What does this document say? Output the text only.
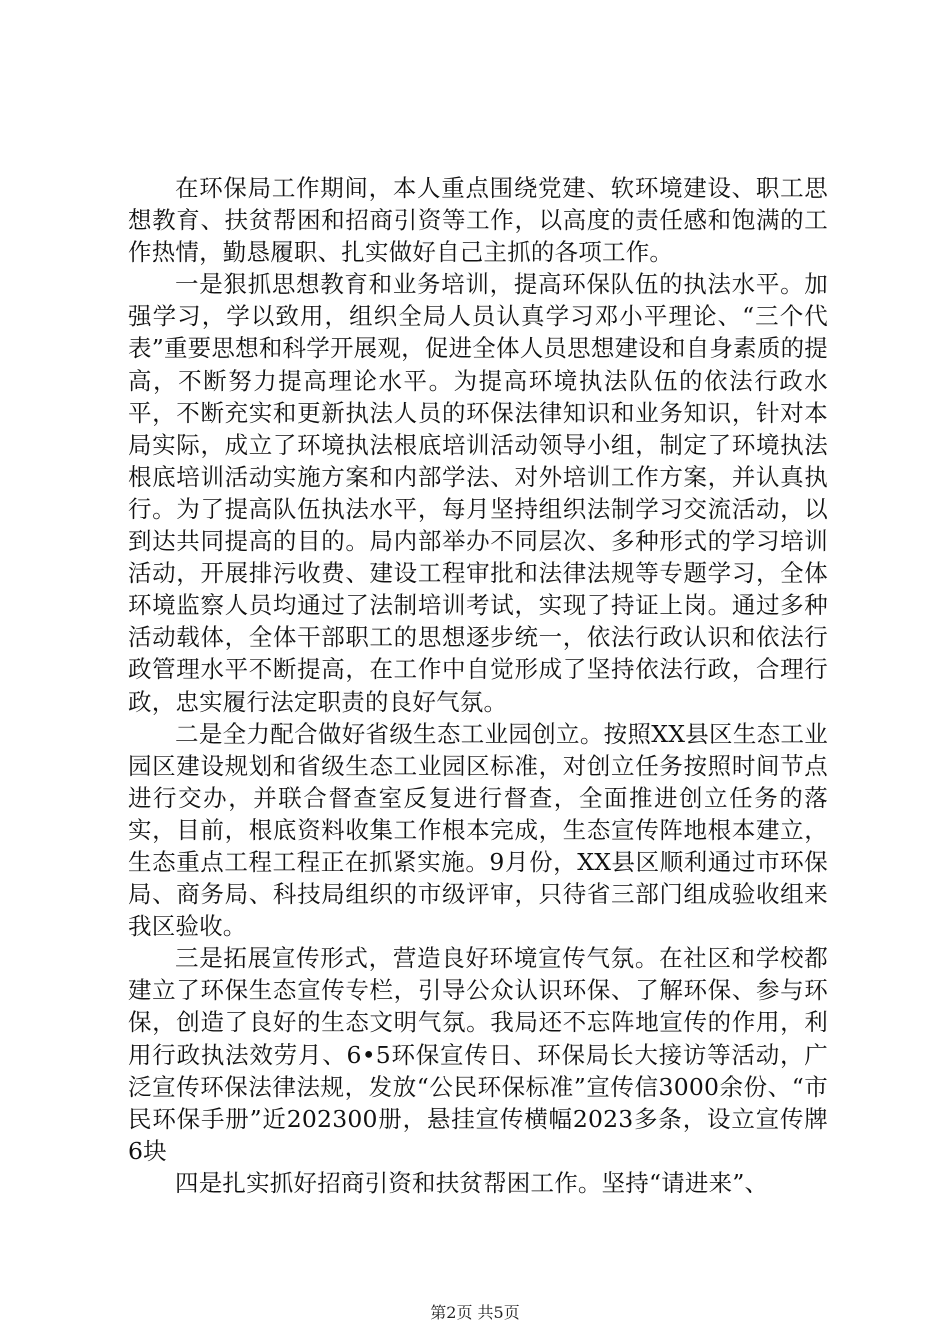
在环保局工作期间，本人重点围绕党建、软环境建设、职工思想教育、扶贫帮困和招商引资等工作，以高度的责任感和饱满的工作热情，勤恳履职、扎实做好自己主抓的各项工作。

一是狠抓思想教育和业务培训，提高环保队伍的执法水平。加强学习，学以致用，组织全局人员认真学习邓小平理论、“三个代表”重要思想和科学开展观，促进全体人员思想建设和自身素质的提高，不断努力提高理论水平。为提高环境执法队伍的依法行政水平，不断充实和更新执法人员的环保法律知识和业务知识，针对本局实际，成立了环境执法根底培训活动领导小组，制定了环境执法根底培训活动实施方案和内部学法、对外培训工作方案，并认真执行。为了提高队伍执法水平，每月坚持组织法制学习交流活动，以到达共同提高的目的。局内部举办不同层次、多种形式的学习培训活动，开展排污收费、建设工程审批和法律法规等专题学习，全体环境监察人员均通过了法制培训考试，实现了持证上岗。通过多种活动载体，全体干部职工的思想逐步统一，依法行政认识和依法行政管理水平不断提高，在工作中自觉形成了坚持依法行政，合理行政，忠实履行法定职责的良好气氛。

二是全力配合做好省级生态工业园创立。按照XX县区生态工业园区建设规划和省级生态工业园区标准，对创立任务按照时间节点进行交办，并联合督查室反复进行督查，全面推进创立任务的落实，目前，根底资料收集工作根本完成，生态宣传阵地根本建立，生态重点工程工程正在抓紧实施。9月份，XX县区顺利通过市环保局、商务局、科技局组织的市级评审，只待省三部门组成验收组来我区验收。

三是拓展宣传形式，营造良好环境宣传气氛。在社区和学校都建立了环保生态宣传专栏，引导公众认识环保、了解环保、参与环保，创造了良好的生态文明气氛。我局还不忘阵地宣传的作用，利用行政执法效劳月、6•5环保宣传日、环保局长大接访等活动，广泛宣传环保法律法规，发放“公民环保标准”宣传信3000余份、“市民环保手册”近202300册，悬挂宣传横幅2023多条，设立宣传牌6块

四是扎实抓好招商引资和扶贫帮困工作。坚持“请进来”、

第2页 共5页
